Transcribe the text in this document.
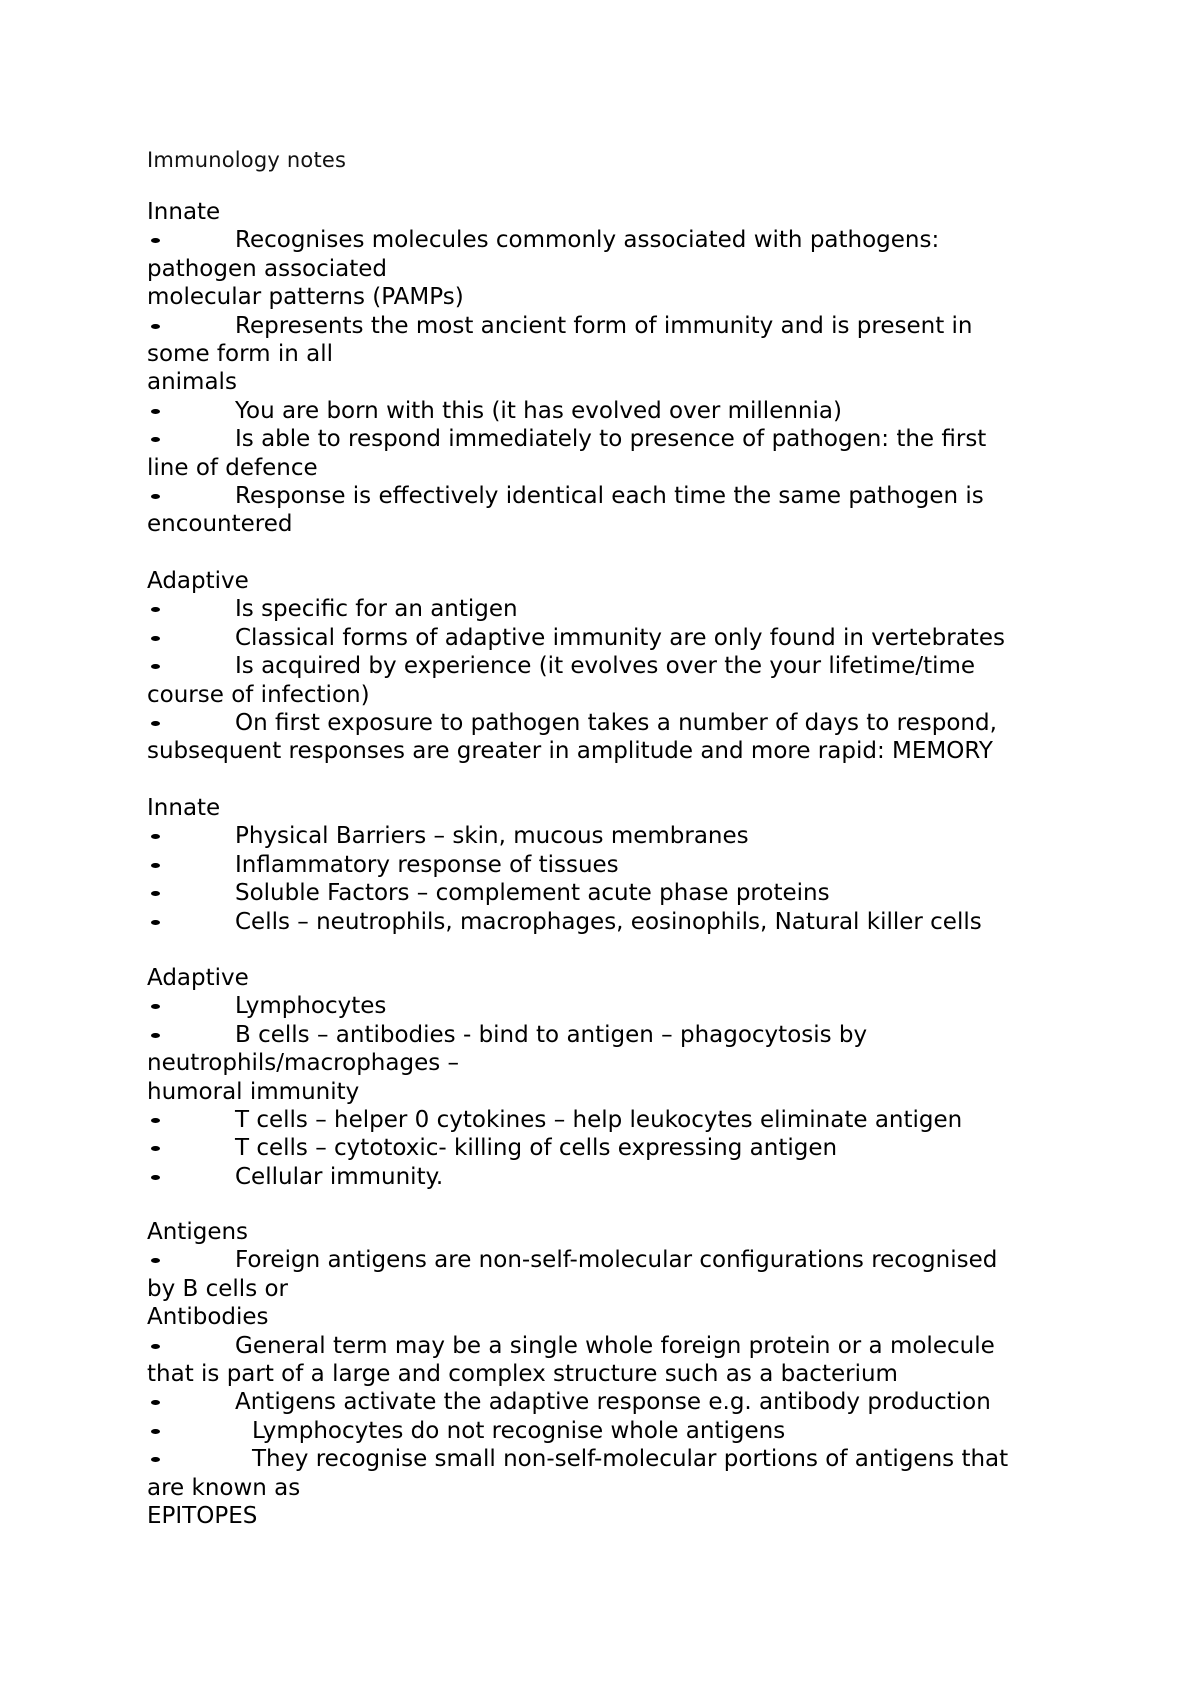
Immunology notes
Innate
Recognises molecules commonly associated with pathogens:
pathogen associated
molecular patterns (PAMPs)
Represents the most ancient form of immunity and is present in
some form in all
animals
You are born with this (it has evolved over millennia)
Is able to respond immediately to presence of pathogen: the first
line of defence
Response is effectively identical each time the same pathogen is
encountered
Adaptive
Is specific for an antigen
Classical forms of adaptive immunity are only found in vertebrates
Is acquired by experience (it evolves over the your lifetime/time
course of infection)
On first exposure to pathogen takes a number of days to respond,
subsequent responses are greater in amplitude and more rapid: MEMORY
Innate
Physical Barriers – skin, mucous membranes
Inflammatory response of tissues
Soluble Factors – complement acute phase proteins
Cells – neutrophils, macrophages, eosinophils, Natural killer cells
Adaptive
Lymphocytes
B cells – antibodies - bind to antigen – phagocytosis by
neutrophils/macrophages –
humoral immunity
T cells – helper 0 cytokines – help leukocytes eliminate antigen
T cells – cytotoxic- killing of cells expressing antigen
Cellular immunity.
Antigens
Foreign antigens are non-self-molecular configurations recognised
by B cells or
Antibodies
General term may be a single whole foreign protein or a molecule
that is part of a large and complex structure such as a bacterium
Antigens activate the adaptive response e.g. antibody production
Lymphocytes do not recognise whole antigens
They recognise small non-self-molecular portions of antigens that
are known as
EPITOPES
